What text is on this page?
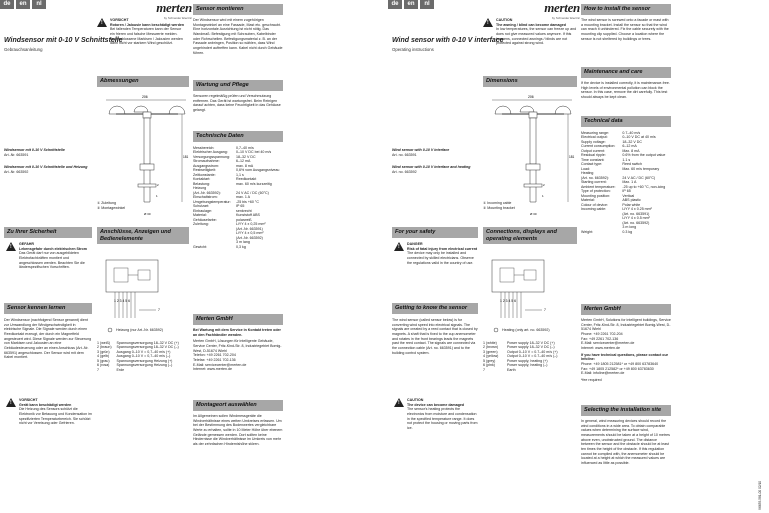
de	en	nl	merten
by Schneider Electric
Windsensor mit 0-10 V Schnittstelle
Gebrauchsanleitung
!
VORSICHT
Rotoren / Jalousie kann beschädigt werden
Bei fallenden Temperaturen kann der Sensor ein frieren und falsche Messwerte melden. Angeschlossene Markisen / Jalousien werden dann nicht vor starkem Wind geschützt.
Abmessungen
206
181
1
2
Ø 30
Windsensor mit 0-10 V Schnittstelle
Art.-Nr. 663591
Windsensor mit 0-10 V Schnittstelle und Heizung
Art.-Nr. 663592
① Zuleitung
② Montagewinkel
Zu Ihrer Sicherheit
!
GEFAHR
Lebensgefahr durch elektrischen Strom
Das Gerät darf nur von ausgebildeten Elektrofachkräften montiert und angeschlossen werden. Beachten Sie die länderspezifischen Vorschriften.
Anschlüsse, Anzeigen und Bedienelemente
1 2 3 4 5 6
7
Heizung (nur Art.-Nr. 663592)
1 (weiß)	Spannungsversorgung 18–32 V DC (+)
2 (braun)	Spannungsversorgung 18–32 V DC (–)
3 (grün)	Ausgang 0–10 V = 0,7–40 m/s (+)
4 (gelb)	Ausgang 0–10 V = 0,7–40 m/s (–)
5 (grau)	Spannungsversorgung Heizung (+)
6 (rosa)	Spannungsversorgung Heizung (–)
7	Erde
Sensor kennen lernen
Der Windsensor (nachfolgend Sensor genannt) dient zur Umwandlung der Windgeschwindigkeit in elektrische Signale. Die Signale werden durch einen Reedkontakt erzeugt, der durch ein Magnetfeld angesteuert wird. Diese Signale werden zur Steuerung von Markisen und Jalousien an eine Gebäudesteuerung oder an einen Anschluss (Art.-Nr. 663591) angeschlossen. Der Sensor wird mit dem Kabel montiert.
!
VORSICHT
Gerät kann beschädigt werden
Die Heizung des Sensors schützt die Elektronik vor Betauung und Kondensation im spezifizierten Temperaturbereich. Sie schützt nicht vor Vereisung oder Gefrieren.
Sensor montieren
Der Windsensor wird mit einem zugehörigen Montagewinkel an eine Fassade, Mast etc. geschraubt. Eine horizontale Ausrichtung ist nicht nötig. Das Wandmaß: Befestigung mit Schrauben, Kabelbinder oder Rohrschellen. Befestigungsmaterial z. B. an der Fassade anbringen, Position so wählen, dass Wind ungehindert auftreffen kann. Kabel nicht durch Gebäude führen.
Wartung und Pflege
Sensoren regelmäßig prüfen und Verschmutzung entfernen. Das Gerät ist wartungsfrei. Beim Reinigen darauf achten, dass keine Feuchtigkeit in das Gehäuse gelangt.
Technische Daten
Messbereich:	0,7–40 m/s
Elektrischer Ausgang:	0–10 V DC bei 40 m/s
Versorgungsspannung:	18–32 V DC
Stromaufnahme:	6–12 mA
Ausgangsstrom:	max. 8 mA
Restwelligkeit:	0,6% vom Ausgangsniveau
Zeitkonstante:	1,1 s
Kontaktart:	Reedkontakt
Belastung:	max. 60 m/s kurzzeitig
Heizung	
(Art.-Nr. 663592):	24 V AC / DC (60°C)
Einschaltstrom:	max. 1 A
Umgebungstemperatur:	-25 bis +60 °C
Schutzart:	IP 65
Einbaulage:	senkrecht
Material:	Kunststoff ABS
Gehäusefarbe:	polarweiß
Zuleitung:	LiYY 4 x 0,25 mm²
	(Art.-Nr. 663591)
	LiYY 4 x 0,5 mm²
	(Art.-Nr. 663592)
	3 m lang
Gewicht:	0,3 kg
Merten GmbH
Bei Wartung mit dem Service in Kontakt treten oder an den Fachhändler wenden.
Merten GmbH, Lösungen für intelligente Gebäude, Service Center, Fritz-Kind-Str. 8, Industriegebiet Bomig-West, D-51674 Wiehl
Telefon: +49 2261 702-204
Telefax: +49 2261 702-136
E-Mail: servicecenter@merten.de
Internet: www.merten.de
Montageort auswählen
Im Allgemeinen sollen Windmessgeräte die Windverhältnisse eines weiten Umkreises erfassen. Um bei der Bestimmung des Bodenwertes vergleichbare Werte zu erhalten, sollte in 10 Meter Höhe über ebenem Gelände gemessen werden. Dort sollten keine Hindernisse die Windverhältnisse im Umkreis von mehr als der zehnfachen Hindernishöhe stören.
de	en	nl	merten
by Schneider Electric
Wind sensor with 0-10 V interface
Operating instructions
!
CAUTION
The awning / blind can become damaged
In low temperatures, the sensor can freeze up and does not give measured values anymore. If this happens, connected awnings / blinds are not protected against strong wind.
Dimensions
206
181
1
2
Ø 30
Wind sensor with 0-10 V interface
Art. no. 663591
Wind sensor with 0-10 V interface and heating
Art. no. 663592
① Incoming cable
② Mounting bracket
For your safety
!
DANGER
Risk of fatal injury from electrical current
The device may only be installed and connected by skilled electricians. Observe the regulations valid in the country of use.
Connections, displays and operating elements
1 2 3 4 5 6
7
Heating (only art. no. 663592)
1 (white)	Power supply 18–32 V DC (+)
2 (brown)	Power supply 18–32 V DC (–)
3 (green)	Output 0–10 V = 0.7–40 m/s (+)
4 (yellow)	Output 0–10 V = 0.7–40 m/s (–)
5 (grey)	Power supply, heating (+)
6 (pink)	Power supply, heating (–)
7	Earth
Getting to know the sensor
The wind sensor (called sensor below) is for converting wind speed into electrical signals. The signals are created by a reed contact that is closed by magnets. A shaft that is fixed to the cup anemometer and rotates in the front bearings leads the magnets past the reed contact. The signals are connected via the connection cable (Art. no. 663591) and to the building control system.
!
CAUTION
The device can become damaged
The sensor's heating protects the electronics from moisture and condensation in the specified temperature range. It does not protect the housing or moving parts from ice.
How to install the sensor
The wind sensor is screwed onto a facade or mast with a mounting bracket. Install the sensor so that the wind can reach it unhindered. Fix the cable securely with the mounting clip supplied. Choose a location where the sensor is not sheltered by buildings or trees.
Maintenance and care
If the device is installed correctly, it is maintenance-free. High levels of environmental pollution can block the sensor. In this case, remove the dirt carefully. This test should always be kept clean.
Technical data
Measuring range:	0.7–40 m/s
Electrical output:	0–10 V DC at 40 m/s
Supply voltage:	18–32 V DC
Current consumption:	6–12 mA
Output current:	Max. 8 mA
Residual ripple:	0.6% from the output value
Time constant:	1.1 s
Contact type:	Reed switch
Load:	Max. 60 m/s temporary
Heating	
(Art. no. 663592):	24 V AC / DC (60°C)
Starting current:	Max. 1 A
Ambient temperature:	-25 up to +60 °C, non-icing
Type of protection:	IP 65
Mounting position:	Vertical
Material:	ABS plastic
Colour of device:	Polar white
Incoming cable:	LiYY 4 x 0.25 mm²
	(Art. no. 663591)
	LiYY 4 x 0.5 mm²
	(Art. no. 663592)
	3 m long
Weight:	0.3 kg
Merten GmbH
Merten GmbH, Solutions for intelligent buildings, Service Center, Fritz-Kind-Str. 8, Industriegebiet Bomig-West, D-51674 Wiehl
Phone: +49 2261 702-204
Fax: +49 2261 702-136
E-Mail: servicecenter@merten.de
Internet: www.merten.de
If you have technical questions, please contact our Infoline:
Phone: +49 1805 212581* or +49 800 63783640
Fax: +49 1805 212582* or +49 800 63783630
E-Mail: infoline@merten.de
*fee required
Selecting the installation site
In general, wind measuring devices should record the wind conditions in a wide area. To obtain comparable values when determining the surface wind, measurements should be taken at a height of 10 metres above even, unobstructed ground. The distance between the sensor and the obstacle should be at least ten times the height of the obstacle. If this regulation cannot be complied with, the anemometer should be located at a height at which the measured values are influenced as little as possible.
V6635-581-00 02/10
